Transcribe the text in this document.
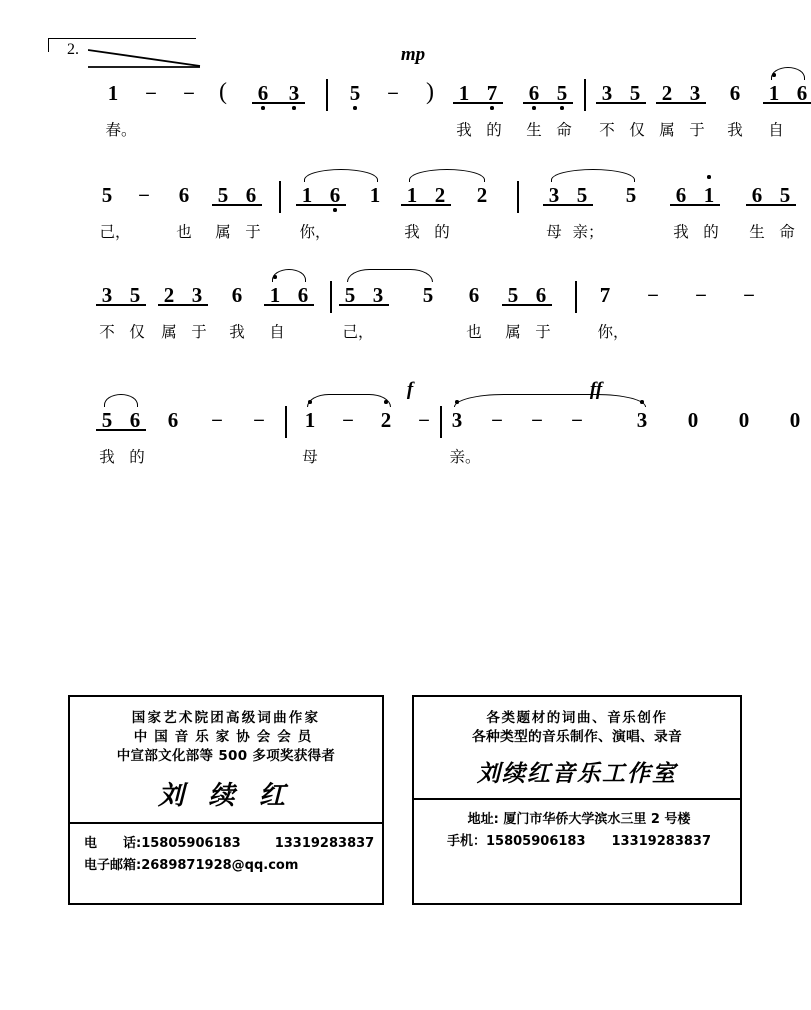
2.	mp
f	ff
1 – – ( 6 3 5 – ) 1 7 6 5 3 5 2 3 6 1 6
春。	我 的 生 命 不 仅 属 于 我 自
5 – 6 5 6 1 6 1 1 2 2	3 5 5 6 1 6 5
己，	也 属 于 你，	我 的	母 亲；	我 的 生 命
3 5 2 3 6 1 6 5 3 5 6 5 6	7 – – –
不 仅 属 于 我 自	己，	也 属 于	你，
5 6 6 – – 1 – 2 – 3 – – –	3 0 0 0
我 的	母	亲。
国家艺术院团高级词曲作家
中国音乐家协会会员
中宣部文化部等 500 多项奖获得者
刘 续 红
电　　话:15805906183	13319283837
电子邮箱:2689871928@qq.com
各类题材的词曲、音乐创作
各种类型的音乐制作、演唱、录音
刘续红音乐工作室
地址: 厦门市华侨大学滨水三里 2 号楼
手机：15805906183 13319283837
